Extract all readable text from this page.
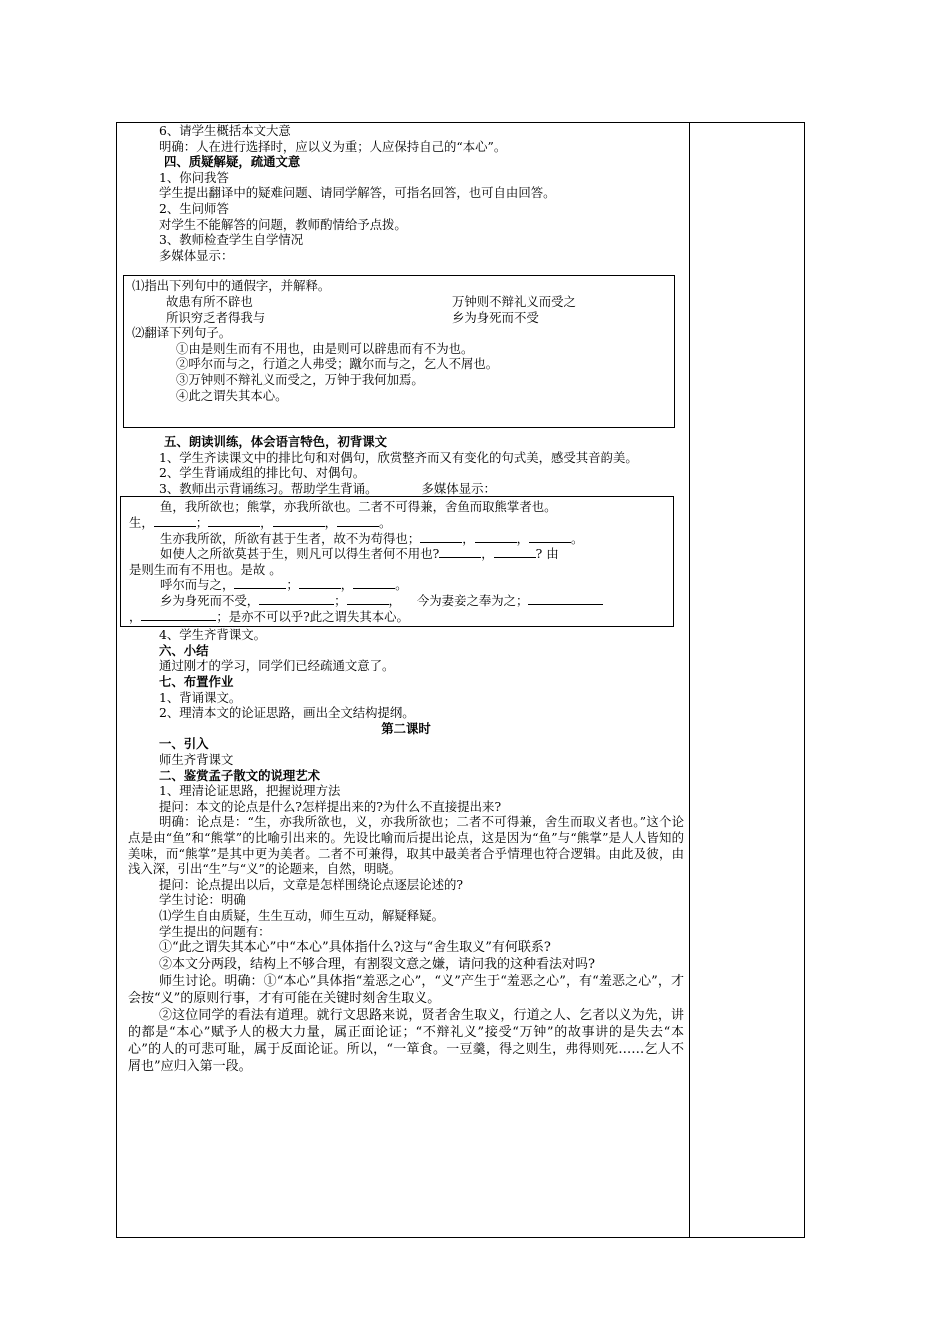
6、请学生概括本文大意
明确：人在进行选择时，应以义为重；人应保持自己的“本心”。
四、质疑解疑，疏通文意
1、你问我答
学生提出翻译中的疑难问题、请同学解答，可指名回答，也可自由回答。
2、生问师答
对学生不能解答的问题，教师酌情给予点拨。
3、教师检查学生自学情况
多媒体显示：
⑴指出下列句中的通假字，并解释。
故患有所不辟也	万钟则不辩礼义而受之
所识穷乏者得我与	乡为身死而不受
⑵翻译下列句子。
①由是则生而有不用也，由是则可以辟患而有不为也。
②呼尔而与之，行道之人弗受；蹴尔而与之，乞人不屑也。
③万钟则不辩礼义而受之，万钟于我何加焉。
④此之谓失其本心。
五、朗读训练，体会语言特色，初背课文
1、学生齐读课文中的排比句和对偶句，欣赏整齐而又有变化的句式美，感受其音韵美。
2、学生背诵成组的排比句、对偶句。
3、教师出示背诵练习。帮助学生背诵。	多媒体显示：
鱼，我所欲也；熊掌，亦我所欲也。二者不可得兼，舍鱼而取熊掌者也。
生，	；	，	，	。
生亦我所欲，所欲有甚于生者，故不为苟得也；	，	，	。
如使人之所欲莫甚于生，则凡可以得生者何不用也?	，	? 由
是则生而有不用也。是故 。
呼尔而与之，	；	，	。
乡为身死而不受，	；	， 今为妻妾之奉为之；
，	；是亦不可以乎?此之谓失其本心。
4、学生齐背课文。
六、小结
通过刚才的学习，同学们已经疏通文意了。
七、布置作业
1、背诵课文。
2、理清本文的论证思路，画出全文结构提纲。
第二课时
一、引入
师生齐背课文
二、鉴赏孟子散文的说理艺术
1、理清论证思路，把握说理方法
提问：本文的论点是什么?怎样提出来的?为什么不直接提出来?
明确：论点是：“生，亦我所欲也，义，亦我所欲也；二者不可得兼，舍生而取义者也。”这个论点是由“鱼”和“熊掌”的比喻引出来的。先设比喻而后提出论点，这是因为“鱼”与“熊掌”是人人皆知的美味，而“熊掌”是其中更为美者。二者不可兼得，取其中最美者合乎情理也符合逻辑。由此及彼，由浅入深，引出“生”与“义”的论题来，自然，明晓。
提问：论点提出以后，文章是怎样围绕论点逐层论述的?
学生讨论：明确
⑴学生自由质疑，生生互动，师生互动，解疑释疑。
学生提出的问题有：
①“此之谓失其本心”中“本心”具体指什么?这与“舍生取义”有何联系?
②本文分两段，结构上不够合理，有割裂文意之嫌，请问我的这种看法对吗?
师生讨论。明确：①“本心”具体指“羞恶之心”，“义”产生于“羞恶之心”，有“羞恶之心”，才会按“义”的原则行事，才有可能在关键时刻舍生取义。
②这位同学的看法有道理。就行文思路来说，贤者舍生取义，行道之人、乞者以义为先，讲的都是“本心”赋予人的极大力量，属正面论证；“不辩礼义”接受“万钟”的故事讲的是失去“本心”的人的可悲可耻，属于反面论证。所以，“一箪食。一豆羹，得之则生，弗得则死……乞人不屑也”应归入第一段。
